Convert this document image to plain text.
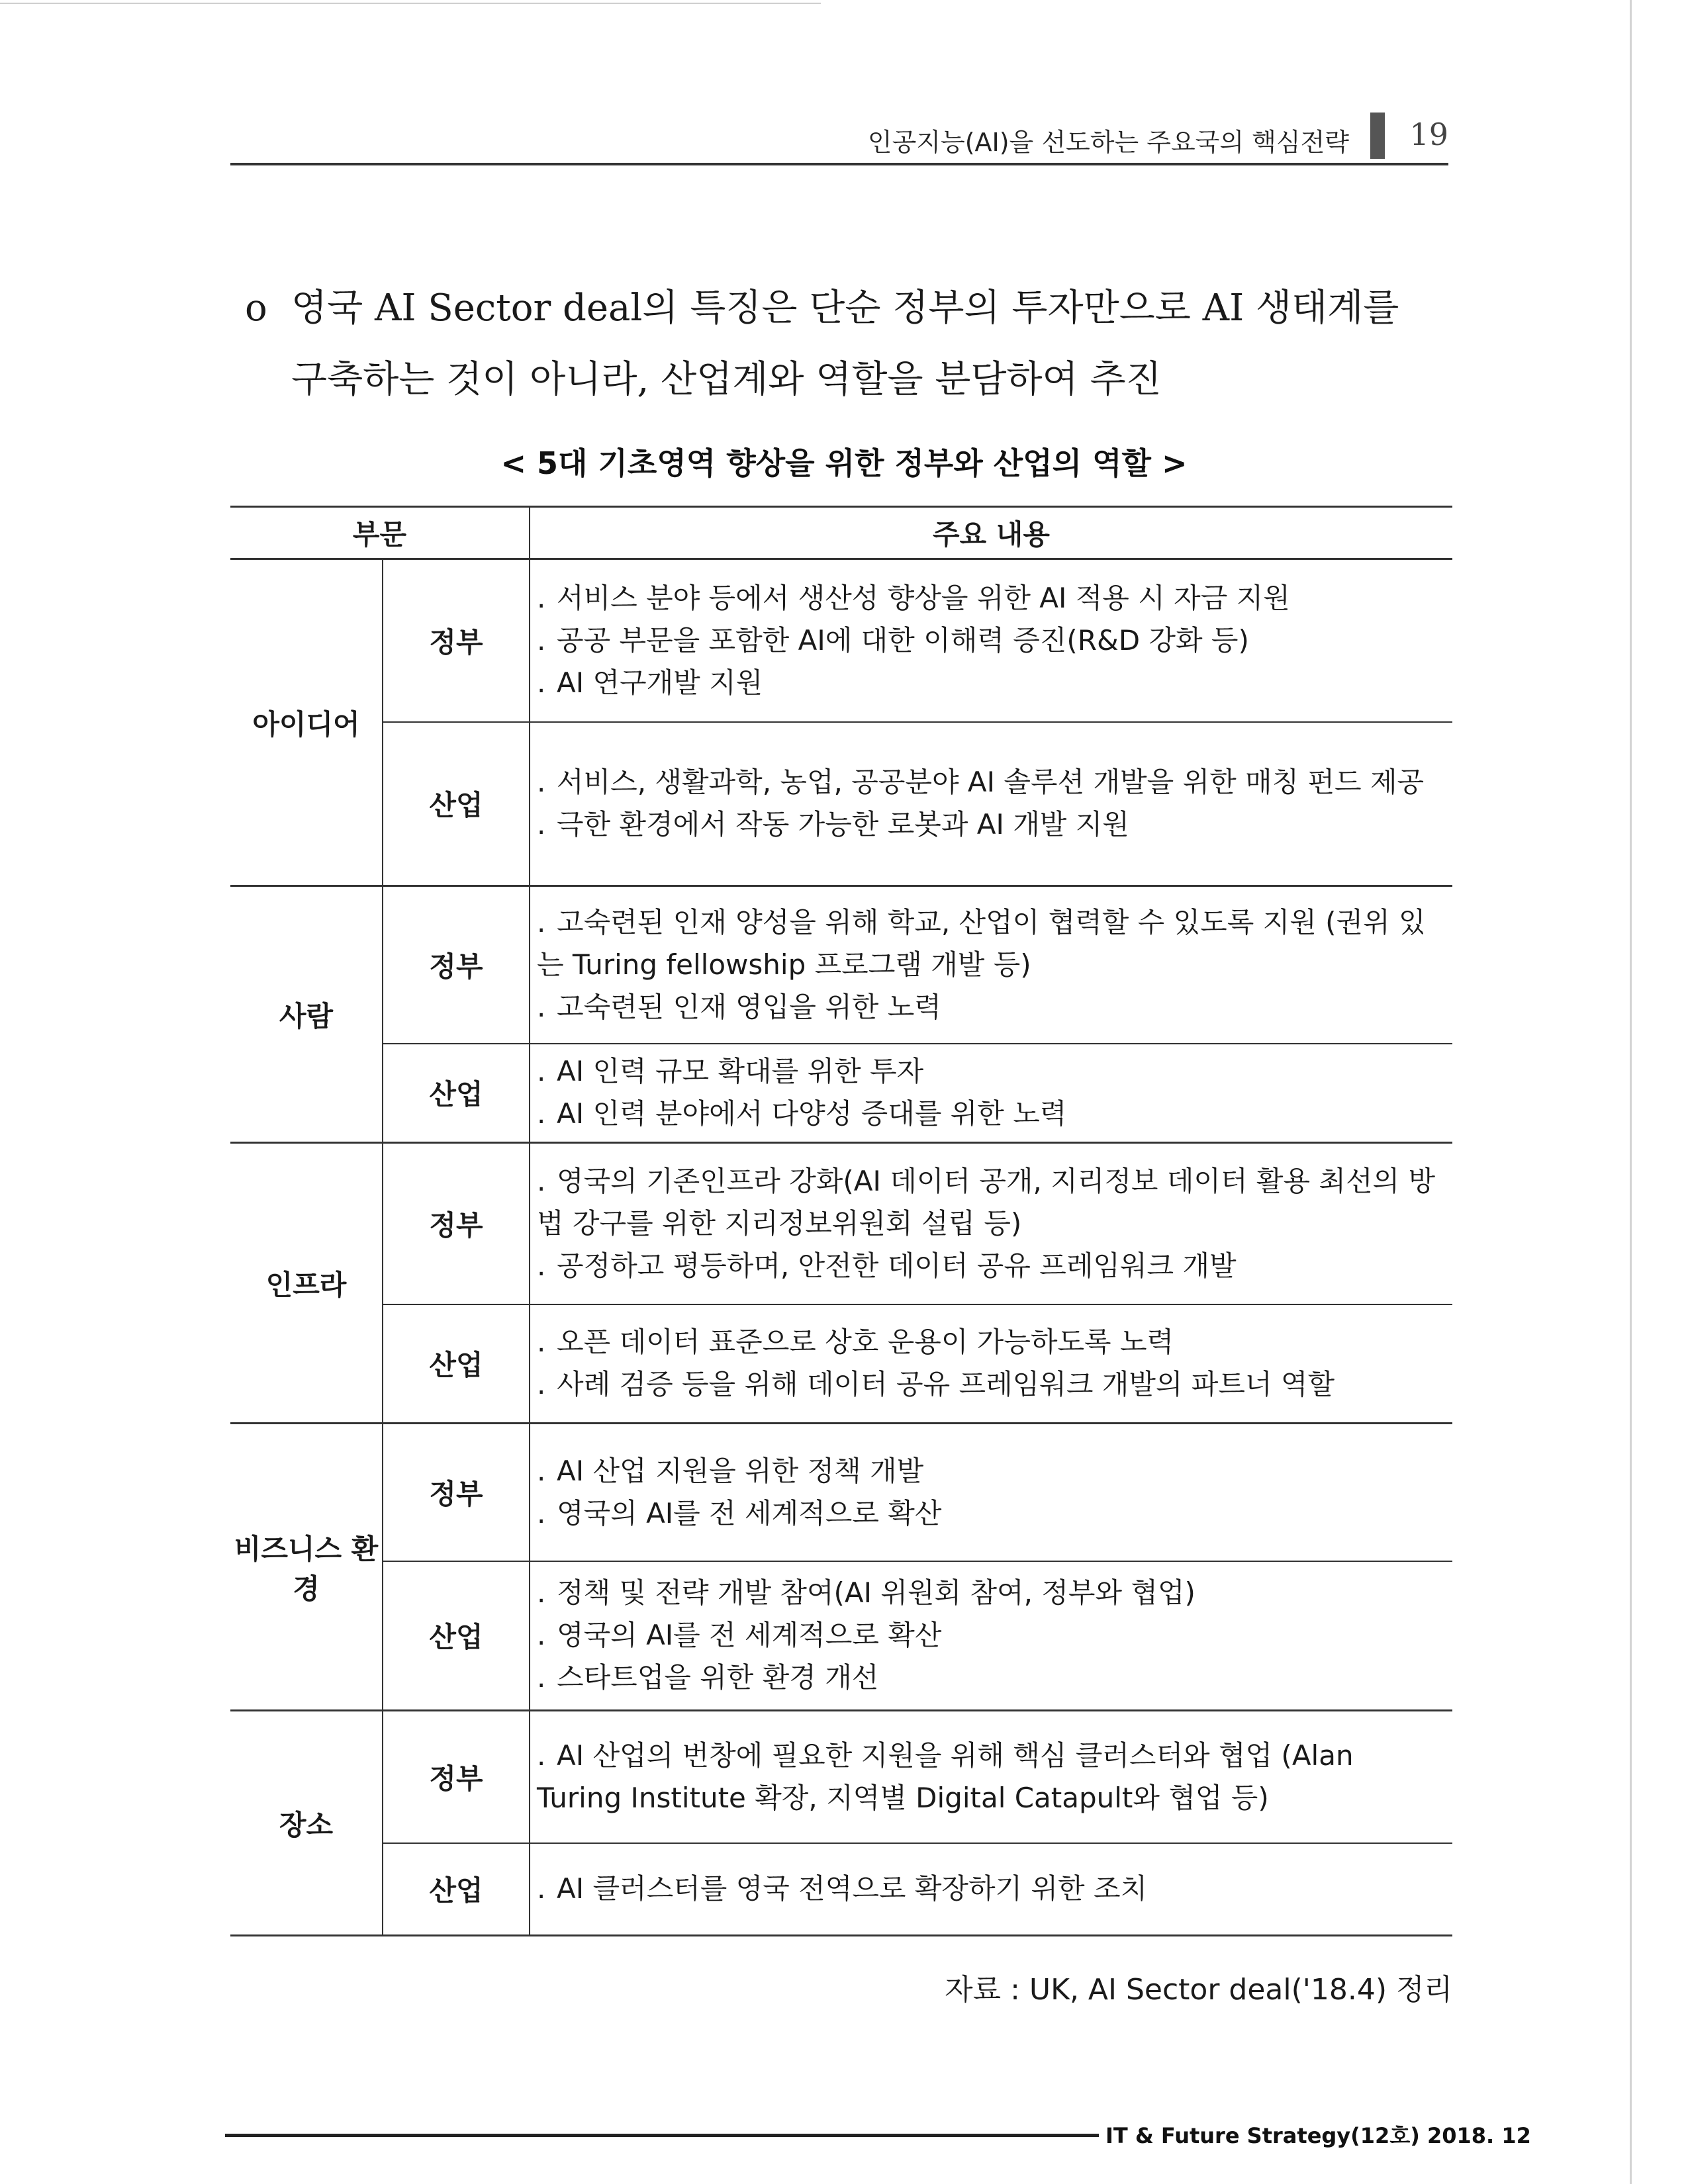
인공지능(AI)을 선도하는 주요국의 핵심전략 19
o 영국 AI Sector deal의 특징은 단순 정부의 투자만으로 AI 생태계를
구축하는 것이 아니라, 산업계와 역할을 분담하여 추진
< 5대 기초영역 향상을 위한 정부와 산업의 역할 >
부문		주요 내용
아이디어	정부	. 서비스 분야 등에서 생산성 향상을 위한 AI 적용 시 자금 지원
. 공공 부문을 포함한 AI에 대한 이해력 증진(R&D 강화 등)
. AI 연구개발 지원

	산업	. 서비스, 생활과학, 농업, 공공분야 AI 솔루션 개발을 위한 매칭 펀드 제공
. 극한 환경에서 작동 가능한 로봇과 AI 개발 지원

사람	정부	. 고숙련된 인재 양성을 위해 학교, 산업이 협력할 수 있도록 지원 (권위 있는 Turing fellowship 프로그램 개발 등)
. 고숙련된 인재 영입을 위한 노력

	산업	. AI 인력 규모 확대를 위한 투자
. AI 인력 분야에서 다양성 증대를 위한 노력

인프라	정부	. 영국의 기존인프라 강화(AI 데이터 공개, 지리정보 데이터 활용 최선의 방법 강구를 위한 지리정보위원회 설립 등)
. 공정하고 평등하며, 안전한 데이터 공유 프레임워크 개발

	산업	. 오픈 데이터 표준으로 상호 운용이 가능하도록 노력
. 사례 검증 등을 위해 데이터 공유 프레임워크 개발의 파트너 역할

비즈니스 환경	정부	. AI 산업 지원을 위한 정책 개발
. 영국의 AI를 전 세계적으로 확산

	산업	. 정책 및 전략 개발 참여(AI 위원회 참여, 정부와 협업)
. 영국의 AI를 전 세계적으로 확산
. 스타트업을 위한 환경 개선

장소	정부	. AI 산업의 번창에 필요한 지원을 위해 핵심 클러스터와 협업 (Alan Turing Institute 확장, 지역별 Digital Catapult와 협업 등)

	산업	. AI 클러스터를 영국 전역으로 확장하기 위한 조치
자료 : UK, AI Sector deal('18.4) 정리
IT & Future Strategy(12호) 2018. 12
